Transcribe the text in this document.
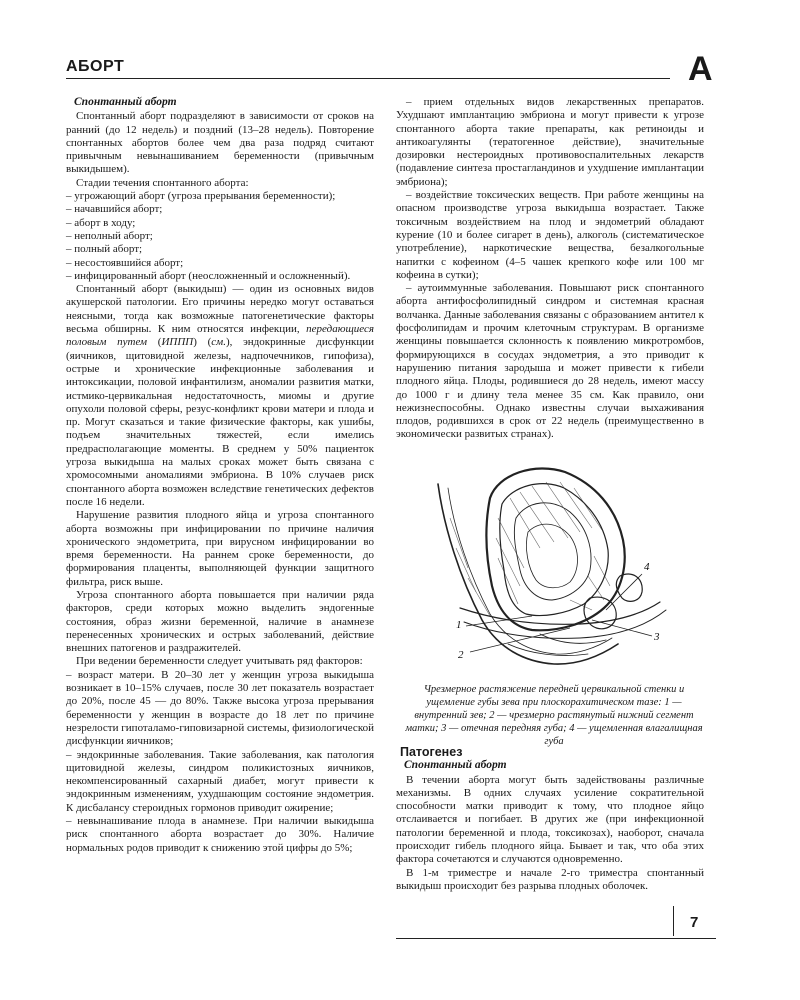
АБОРТ	А

Спонтанный аборт

Спонтанный аборт подразделяют в зависимости от сроков на ранний (до 12 недель) и поздний (13–28 недель). Повторение спонтанных абортов более чем два раза подряд считают привычным невынашиванием беременности (привычным выкидышем).

Стадии течения спонтанного аборта:

– угрожающий аборт (угроза прерывания беременности);

– начавшийся аборт;

– аборт в ходу;

– неполный аборт;

– полный аборт;

– несостоявшийся аборт;

– инфицированный аборт (неосложненный и осложненный).

Спонтанный аборт (выкидыш) — один из основных видов акушерской патологии. Его причины нередко могут оставаться неясными, тогда как возможные патогенетические факторы весьма обширны. К ним относятся инфекции, передающиеся половым путем (ИППП) (см.), эндокринные дисфункции (яичников, щитовидной железы, надпочечников, гипофиза), острые и хронические инфекционные заболевания и интоксикации, половой инфантилизм, аномалии развития матки, истмико-цервикальная недостаточность, миомы и другие опухоли половой сферы, резус-конфликт крови матери и плода и пр. Могут сказаться и такие физические факторы, как ушибы, подъем значительных тяжестей, если имелись предрасполагающие моменты. В среднем у 50% пациенток угроза выкидыша на малых сроках может быть связана с хромосомными аномалиями эмбриона. В 10% случаев риск спонтанного аборта возможен вследствие генетических дефектов после 16 недели.

Нарушение развития плодного яйца и угроза спонтанного аборта возможны при инфицировании по причине наличия хронического эндометрита, при вирусном инфицировании во время беременности. На раннем сроке беременности, до формирования плаценты, выполняющей функции защитного фильтра, риск выше.

Угроза спонтанного аборта повышается при наличии ряда факторов, среди которых можно выделить эндогенные состояния, образ жизни беременной, наличие в анамнезе перенесенных хронических и острых заболеваний, действие внешних патогенов и раздражителей.

При ведении беременности следует учитывать ряд факторов:

– возраст матери. В 20–30 лет у женщин угроза выкидыша возникает в 10–15% случаев, после 30 лет показатель возрастает до 20%, после 45 — до 80%. Также высока угроза прерывания беременности у женщин в возрасте до 18 лет по причине незрелости гипоталамо-гиповизарной системы, физиологической дисфункции яичников;

– эндокринные заболевания. Такие заболевания, как патология щитовидной железы, синдром поликистозных яичников, некомпенсированный сахарный диабет, могут привести к эндокринным изменениям, ухудшающим состояние эндометрия. К дисбалансу стероидных гормонов приводит ожирение;

– невынашивание плода в анамнезе. При наличии выкидыша риск спонтанного аборта возрастает до 30%. Наличие нормальных родов приводит к снижению этой цифры до 5%;

– прием отдельных видов лекарственных препаратов. Ухудшают имплантацию эмбриона и могут привести к угрозе спонтанного аборта такие препараты, как ретиноиды и антикоагулянты (тератогенное действие), значительные дозировки нестероидных противовоспалительных лекарств (подавление синтеза простагландинов и ухудшение имплантации эмбриона);

– воздействие токсических веществ. При работе женщины на опасном производстве угроза выкидыша возрастает. Также токсичным воздействием на плод и эндометрий обладают курение (10 и более сигарет в день), алкоголь (систематическое употребление), наркотические вещества, безалкогольные напитки с кофеином (4–5 чашек крепкого кофе или 100 мг кофеина в сутки);

– аутоиммунные заболевания. Повышают риск спонтанного аборта антифосфолипидный синдром и системная красная волчанка. Данные заболевания связаны с образованием антител к фосфолипидам и прочим клеточным структурам. В организме женщины повышается склонность к появлению микротромбов, формирующихся в сосудах эндометрия, а это приводит к нарушению питания зародыша и может привести к гибели плодного яйца. Плоды, родившиеся до 28 недель, имеют массу до 1000 г и длину тела менее 35 см. Как правило, они нежизнеспособны. Однако известны случаи выхаживания плодов, родившихся в срок от 22 недель (преимущественно в экономически развитых странах).

1
2
3
4
Чрезмерное растяжение передней цервикальной стенки и ущемление губы зева при плоскорахитическом тазе: 1 — внутренний зев; 2 — чрезмерно растянутый нижний сегмент матки; 3 — отечная передняя губа; 4 — ущемленная влагалищная губа

Патогенез

Спонтанный аборт

В течении аборта могут быть задействованы различные механизмы. В одних случаях усиление сократительной способности матки приводит к тому, что плодное яйцо отслаивается и погибает. В других же (при инфекционной патологии беременной и плода, токсикозах), наоборот, сначала происходит гибель плодного яйца. Бывает и так, что оба этих фактора сочетаются и случаются одновременно.

В 1-м триместре и начале 2-го триместра спонтанный выкидыш происходит без разрыва плодных оболочек.

7
